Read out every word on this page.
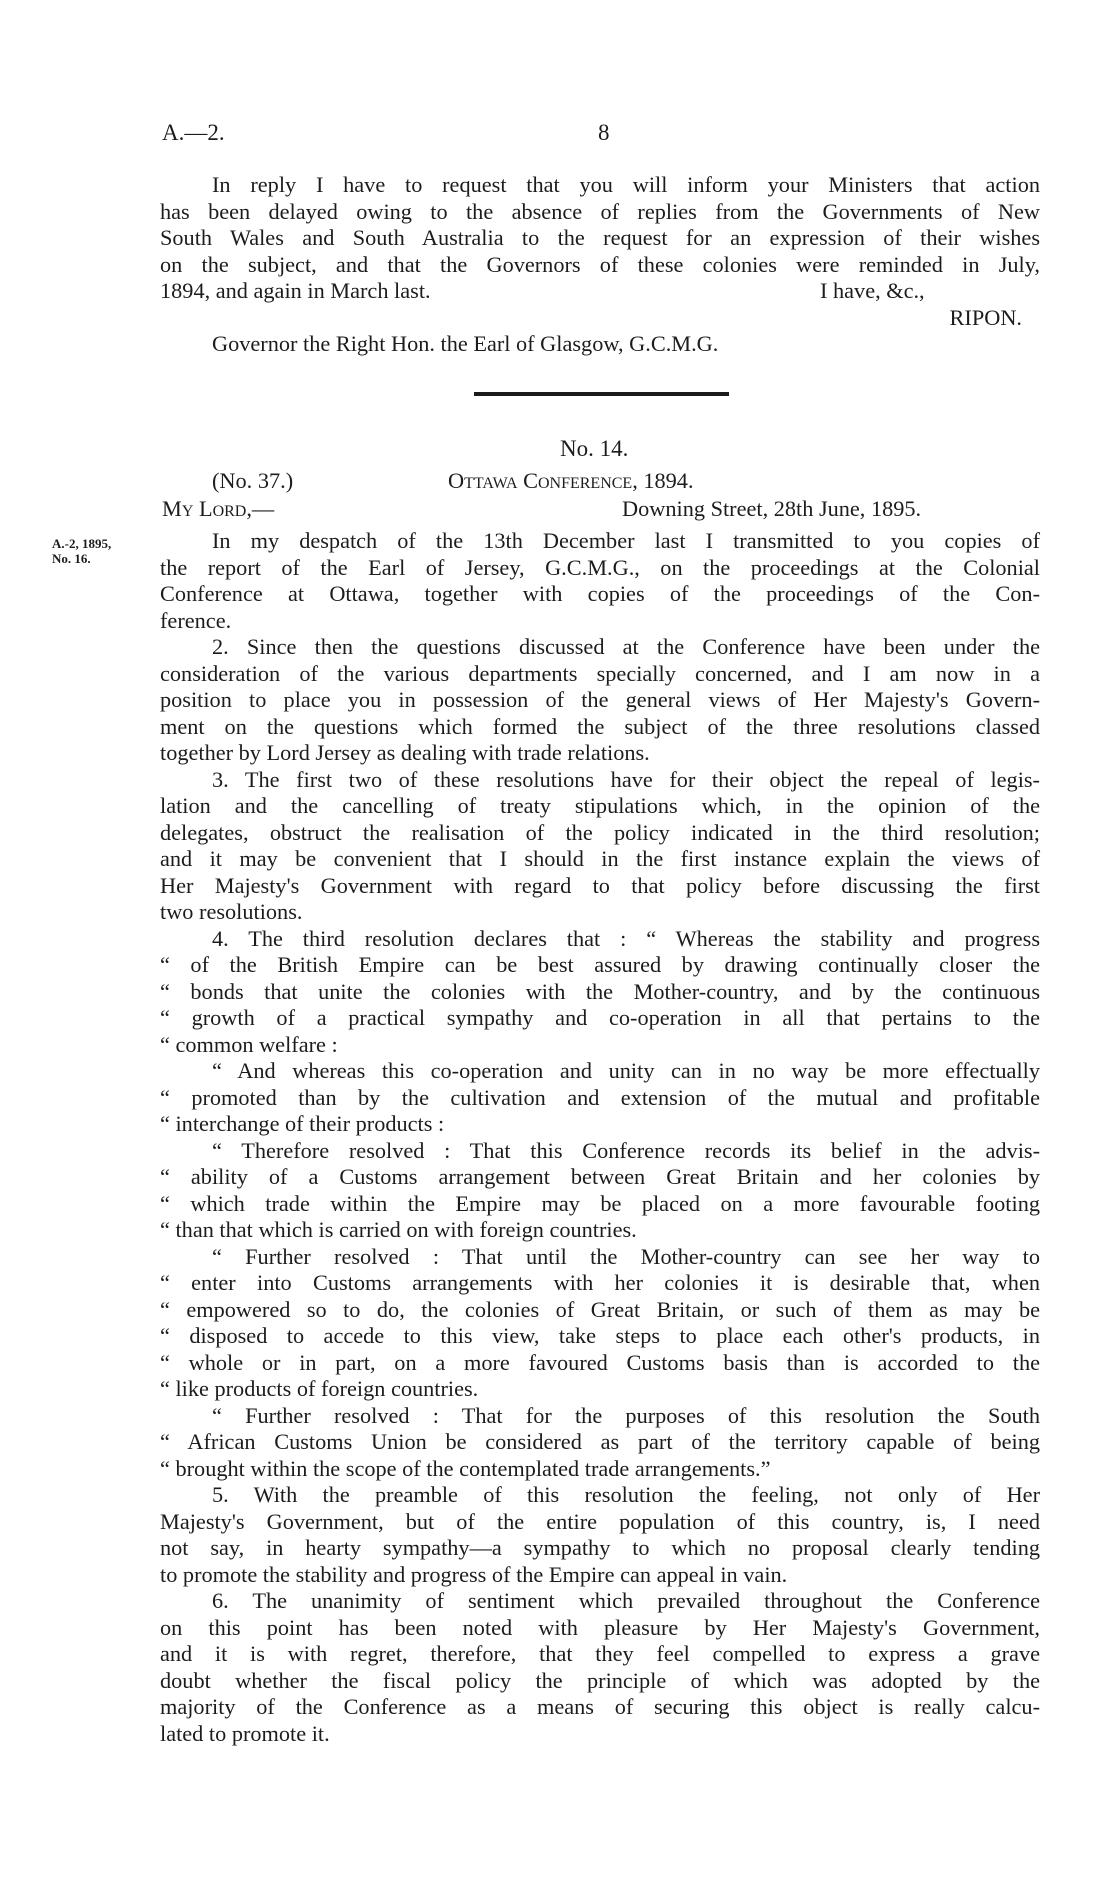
A.—2.	8
In reply I have to request that you will inform your Ministers that action
has been delayed owing to the absence of replies from the Governments of New
South Wales and South Australia to the request for an expression of their wishes
on the subject, and that the Governors of these colonies were reminded in July,
1894, and again in March last.	I have, &c.,
RIPON.
Governor the Right Hon. the Earl of Glasgow, G.C.M.G.
No. 14.
(No. 37.)	Ottawa Conference, 1894.
My Lord,—	Downing Street, 28th June, 1895.
A.-2, 1895,
No. 16.
In my despatch of the 13th December last I transmitted to you copies of
the report of the Earl of Jersey, G.C.M.G., on the proceedings at the Colonial
Conference at Ottawa, together with copies of the proceedings of the Con-
ference.
2. Since then the questions discussed at the Conference have been under the
consideration of the various departments specially concerned, and I am now in a
position to place you in possession of the general views of Her Majesty's Govern-
ment on the questions which formed the subject of the three resolutions classed
together by Lord Jersey as dealing with trade relations.
3. The first two of these resolutions have for their object the repeal of legis-
lation and the cancelling of treaty stipulations which, in the opinion of the
delegates, obstruct the realisation of the policy indicated in the third resolution;
and it may be convenient that I should in the first instance explain the views of
Her Majesty's Government with regard to that policy before discussing the first
two resolutions.
4. The third resolution declares that : “ Whereas the stability and progress
“ of the British Empire can be best assured by drawing continually closer the
“ bonds that unite the colonies with the Mother-country, and by the continuous
“ growth of a practical sympathy and co-operation in all that pertains to the
“ common welfare :
“ And whereas this co-operation and unity can in no way be more effectually
“ promoted than by the cultivation and extension of the mutual and profitable
“ interchange of their products :
“ Therefore resolved : That this Conference records its belief in the advis-
“ ability of a Customs arrangement between Great Britain and her colonies by
“ which trade within the Empire may be placed on a more favourable footing
“ than that which is carried on with foreign countries.
“ Further resolved : That until the Mother-country can see her way to
“ enter into Customs arrangements with her colonies it is desirable that, when
“ empowered so to do, the colonies of Great Britain, or such of them as may be
“ disposed to accede to this view, take steps to place each other's products, in
“ whole or in part, on a more favoured Customs basis than is accorded to the
“ like products of foreign countries.
“ Further resolved : That for the purposes of this resolution the South
“ African Customs Union be considered as part of the territory capable of being
“ brought within the scope of the contemplated trade arrangements.”
5. With the preamble of this resolution the feeling, not only of Her
Majesty's Government, but of the entire population of this country, is, I need
not say, in hearty sympathy—a sympathy to which no proposal clearly tending
to promote the stability and progress of the Empire can appeal in vain.
6. The unanimity of sentiment which prevailed throughout the Conference
on this point has been noted with pleasure by Her Majesty's Government,
and it is with regret, therefore, that they feel compelled to express a grave
doubt whether the fiscal policy the principle of which was adopted by the
majority of the Conference as a means of securing this object is really calcu-
lated to promote it.
